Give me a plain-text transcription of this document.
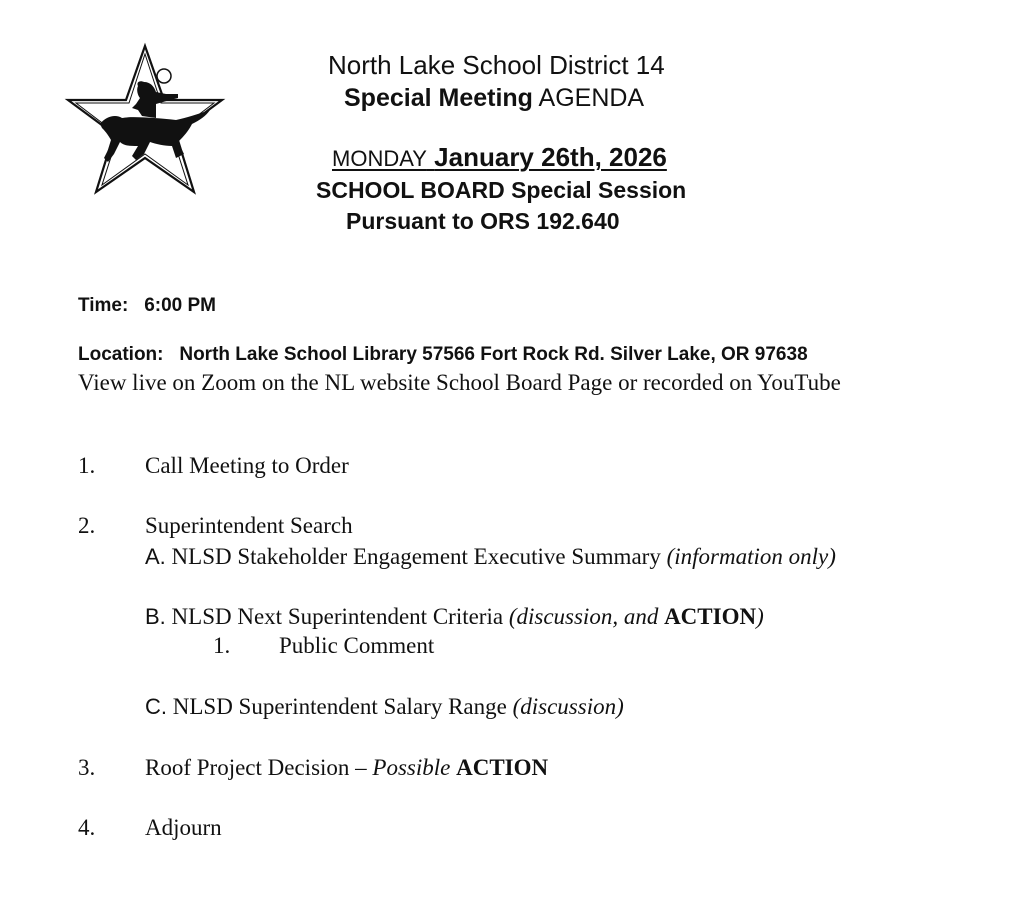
North Lake School District 14
Special Meeting AGENDA
MONDAY January 26th, 2026
SCHOOL BOARD Special Session
Pursuant to ORS 192.640
Time: 6:00 PM
Location: North Lake School Library 57566 Fort Rock Rd. Silver Lake, OR 97638
View live on Zoom on the NL website School Board Page or recorded on YouTube
1. Call Meeting to Order
2. Superintendent Search
A. NLSD Stakeholder Engagement Executive Summary (information only)
B. NLSD Next Superintendent Criteria (discussion, and ACTION)
1. Public Comment
C. NLSD Superintendent Salary Range (discussion)
3. Roof Project Decision – Possible ACTION
4. Adjourn
